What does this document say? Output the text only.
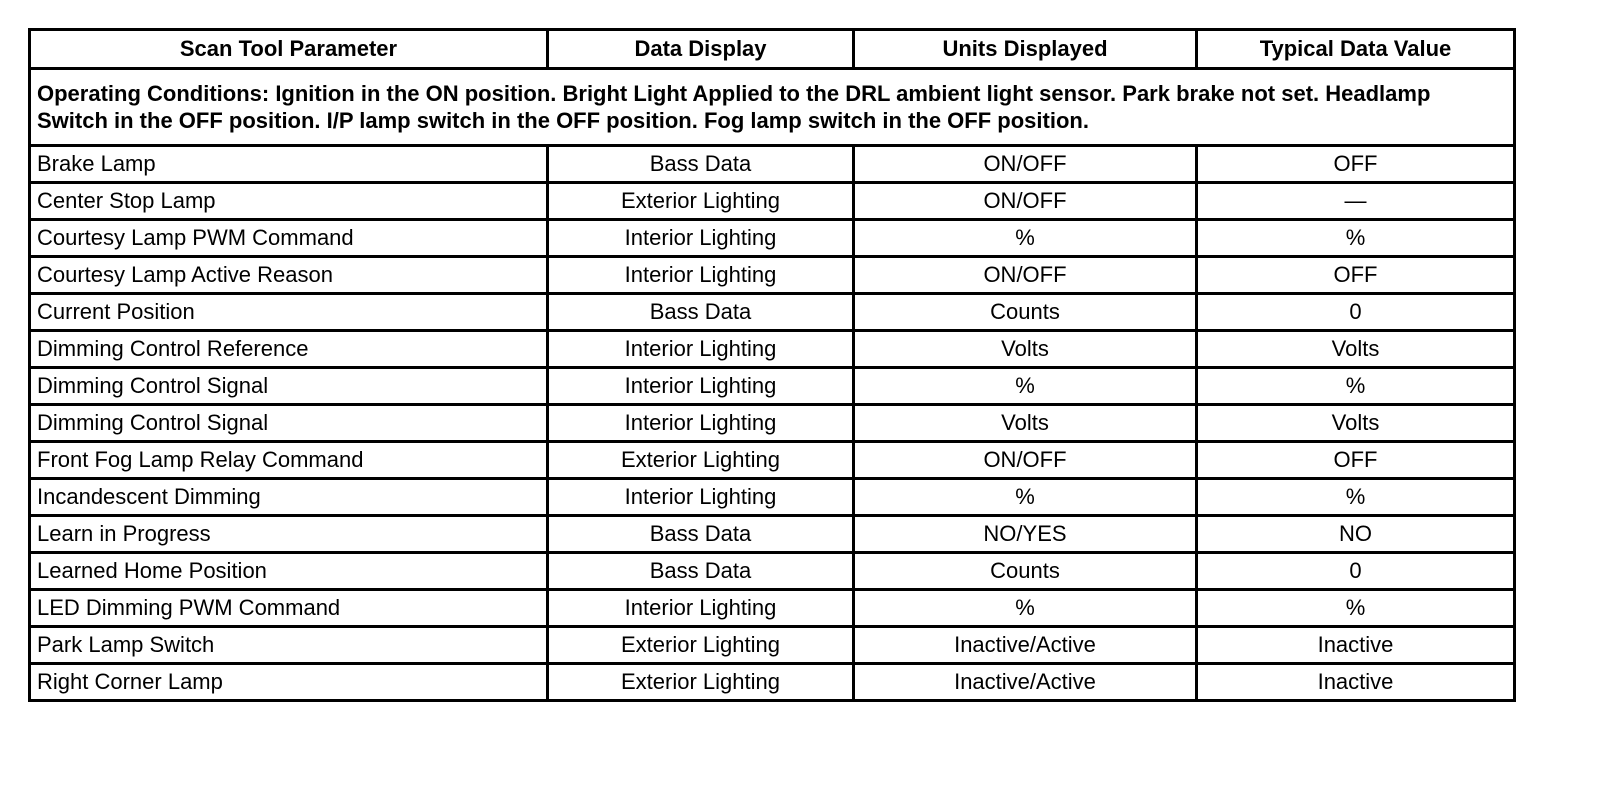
Scan Tool Parameter	Data Display	Units Displayed	Typical Data Value
Operating Conditions: Ignition in the ON position. Bright Light Applied to the DRL ambient light sensor. Park brake not set. Headlamp Switch in the OFF position. I/P lamp switch in the OFF position. Fog lamp switch in the OFF position.			
Brake Lamp	Bass Data	ON/OFF	OFF
Center Stop Lamp	Exterior Lighting	ON/OFF	—
Courtesy Lamp PWM Command	Interior Lighting	%	%
Courtesy Lamp Active Reason	Interior Lighting	ON/OFF	OFF
Current Position	Bass Data	Counts	0
Dimming Control Reference	Interior Lighting	Volts	Volts
Dimming Control Signal	Interior Lighting	%	%
Dimming Control Signal	Interior Lighting	Volts	Volts
Front Fog Lamp Relay Command	Exterior Lighting	ON/OFF	OFF
Incandescent Dimming	Interior Lighting	%	%
Learn in Progress	Bass Data	NO/YES	NO
Learned Home Position	Bass Data	Counts	0
LED Dimming PWM Command	Interior Lighting	%	%
Park Lamp Switch	Exterior Lighting	Inactive/Active	Inactive
Right Corner Lamp	Exterior Lighting	Inactive/Active	Inactive
